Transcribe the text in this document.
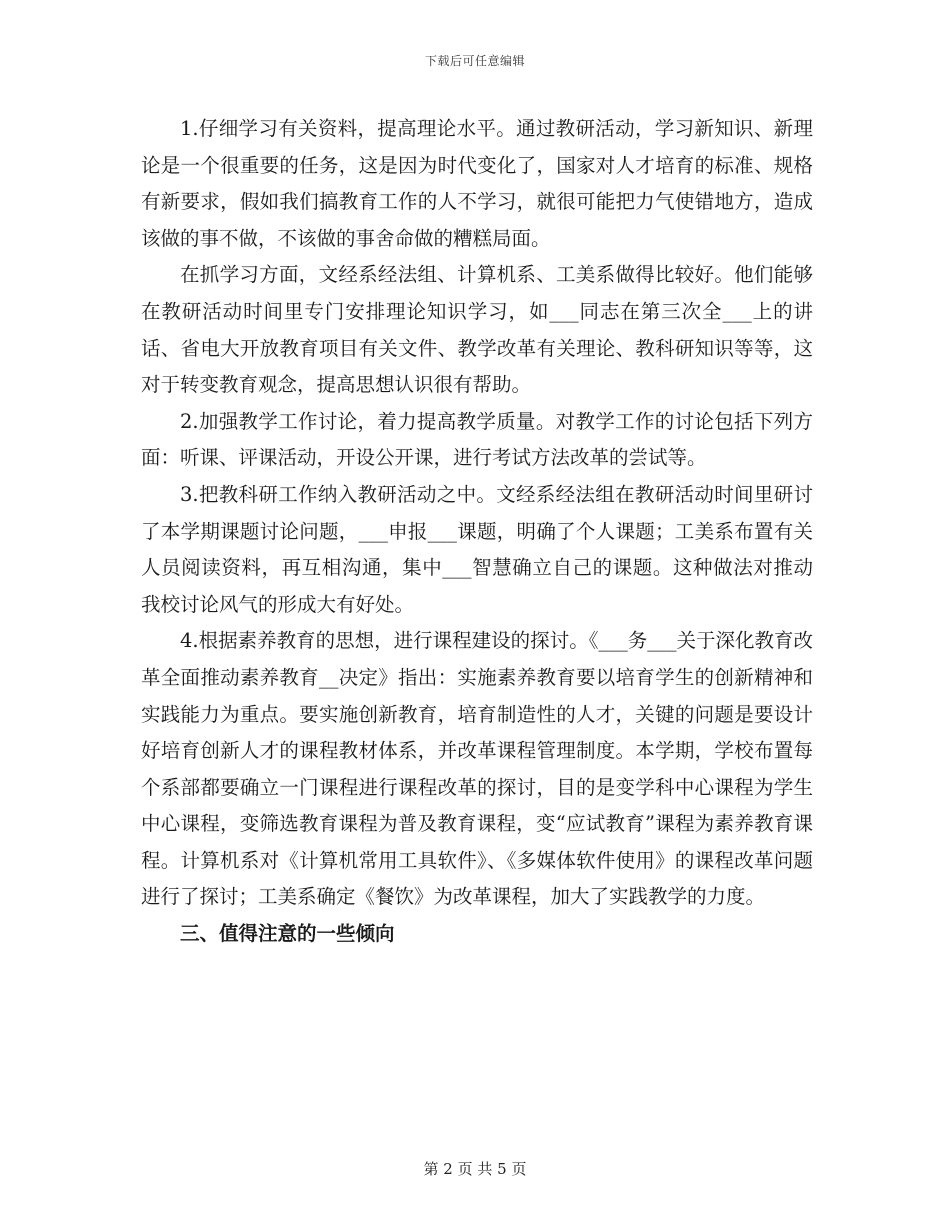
下载后可任意编辑

1.仔细学习有关资料，提高理论水平。通过教研活动，学习新知识、新理论是一个很重要的任务，这是因为时代变化了，国家对人才培育的标准、规格有新要求，假如我们搞教育工作的人不学习，就很可能把力气使错地方，造成该做的事不做，不该做的事舍命做的糟糕局面。

在抓学习方面，文经系经法组、计算机系、工美系做得比较好。他们能够在教研活动时间里专门安排理论知识学习，如___同志在第三次全___上的讲话、省电大开放教育项目有关文件、教学改革有关理论、教科研知识等等，这对于转变教育观念，提高思想认识很有帮助。

2.加强教学工作讨论，着力提高教学质量。对教学工作的讨论包括下列方面：听课、评课活动，开设公开课，进行考试方法改革的尝试等。

3.把教科研工作纳入教研活动之中。文经系经法组在教研活动时间里研讨了本学期课题讨论问题，___申报___课题，明确了个人课题；工美系布置有关人员阅读资料，再互相沟通，集中___智慧确立自己的课题。这种做法对推动我校讨论风气的形成大有好处。

4.根据素养教育的思想，进行课程建设的探讨。《___务___关于深化教育改革全面推动素养教育__决定》指出：实施素养教育要以培育学生的创新精神和实践能力为重点。要实施创新教育，培育制造性的人才，关键的问题是要设计好培育创新人才的课程教材体系，并改革课程管理制度。本学期，学校布置每个系部都要确立一门课程进行课程改革的探讨，目的是变学科中心课程为学生中心课程，变筛选教育课程为普及教育课程，变“应试教育”课程为素养教育课程。计算机系对《计算机常用工具软件》、《多媒体软件使用》的课程改革问题进行了探讨；工美系确定《餐饮》为改革课程，加大了实践教学的力度。

三、值得注意的一些倾向

第 2 页 共 5 页
